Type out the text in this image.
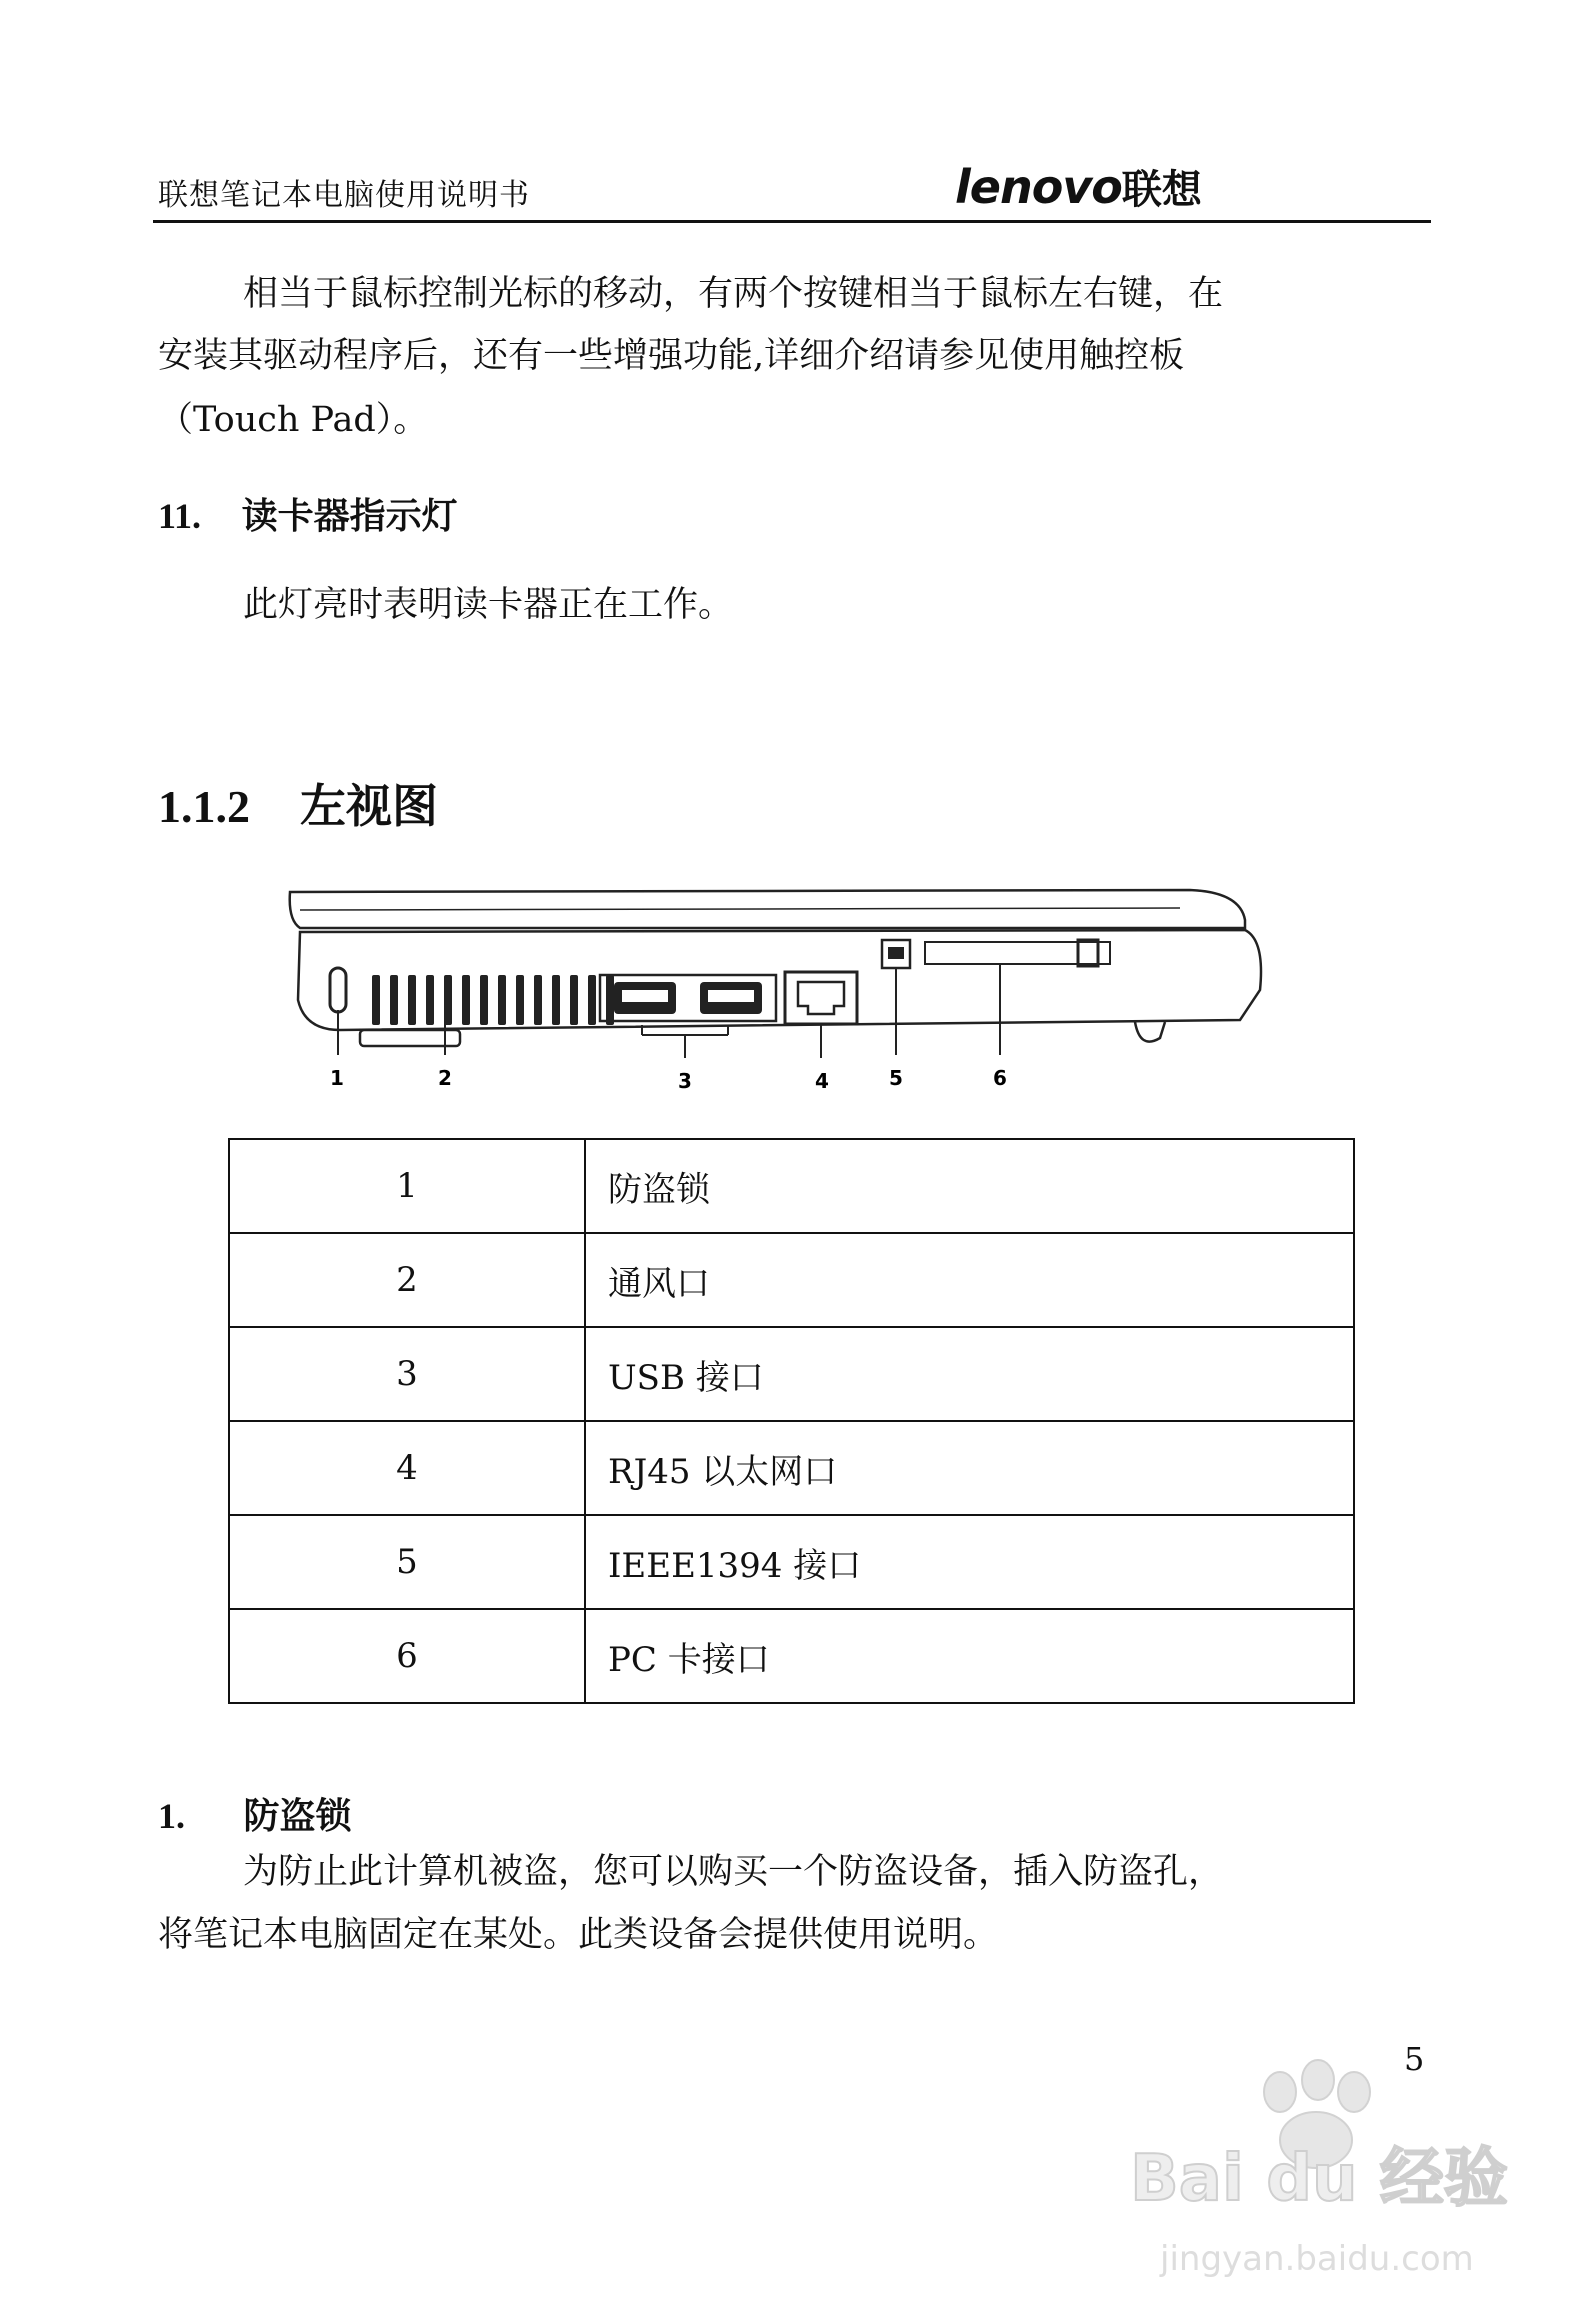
联想笔记本电脑使用说明书	lenovo联想
相当于鼠标控制光标的移动，有两个按键相当于鼠标左右键，在
安装其驱动程序后，还有一些增强功能,详细介绍请参见使用触控板
（Touch Pad）。
11. 读卡器指示灯
此灯亮时表明读卡器正在工作。
1.1.2 左视图
1	2	3	4	5	6
1	防盗锁
2	通风口
3	USB 接口
4	RJ45 以太网口
5	IEEE1394 接口
6	PC 卡接口
1. 防盗锁
为防止此计算机被盗，您可以购买一个防盗设备，插入防盗孔，
将笔记本电脑固定在某处。此类设备会提供使用说明。
5
Bai du 经验
jingyan.baidu.com
